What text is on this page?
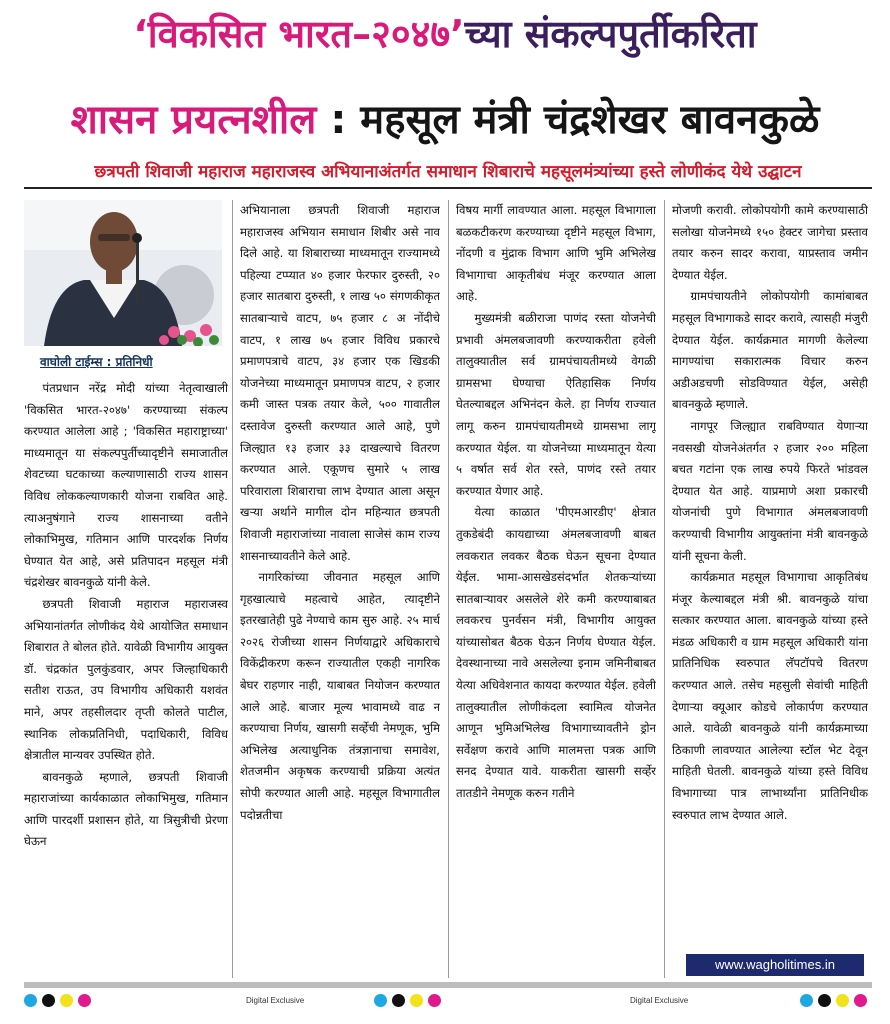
‘विकसित भारत–२०४७’च्या संकल्पपुर्तीकरिता
शासन प्रयत्नशील : महसूल मंत्री चंद्रशेखर बावनकुळे
छत्रपती शिवाजी महाराज महाराजस्व अभियानाअंतर्गत समाधान शिबाराचे महसूलमंत्र्यांच्या हस्ते लोणीकंद येथे उद्घाटन
वाघोली टाईम्स : प्रतिनिधी

पंतप्रधान नरेंद्र मोदी यांच्या नेतृत्वाखाली 'विकसित भारत-२०४७' करण्याच्या संकल्प करण्यात आलेला आहे ; 'विकसित महाराष्ट्राच्या' माध्यमातून या संकल्पपुर्तीच्यादृष्टीने समाजातील शेवटच्या घटकाच्या कल्याणासाठी राज्य शासन विविध लोककल्याणकारी योजना राबवित आहे. त्याअनुषंगाने राज्य शासनाच्या वतीने लोकाभिमुख, गतिमान आणि पारदर्शक निर्णय घेण्यात येत आहे, असे प्रतिपादन महसूल मंत्री चंद्रशेखर बावनकुळे यांनी केले.

छत्रपती शिवाजी महाराज महाराजस्व अभियानांतर्गत लोणीकंद येथे आयोजित समाधान शिबारात ते बोलत होते. यावेळी विभागीय आयुक्त डॉ. चंद्रकांत पुलकुंडवार, अपर जिल्हाधिकारी सतीश राऊत, उप विभागीय अधिकारी यशवंत माने, अपर तहसीलदार तृप्ती कोलते पाटील, स्थानिक लोकप्रतिनिधी, पदाधिकारी, विविध क्षेत्रातील मान्यवर उपस्थित होते.

बावनकुळे म्हणाले, छत्रपती शिवाजी महाराजांच्या कार्यकाळात लोकाभिमुख, गतिमान आणि पारदर्शी प्रशासन होते, या त्रिसुत्रीची प्रेरणा घेऊन

अभियानाला छत्रपती शिवाजी महाराज महाराजस्व अभियान समाधान शिबीर असे नाव दिले आहे. या शिबाराच्या माध्यमातून राज्यामध्ये पहिल्या टप्प्यात ४० हजार फेरफार दुरुस्ती, २० हजार सातबारा दुरुस्ती, १ लाख ५० संगणकीकृत सातबाऱ्याचे वाटप, ७५ हजार ८ अ नोंदीचे वाटप, १ लाख ७५ हजार विविध प्रकारचे प्रमाणपत्राचे वाटप, ३४ हजार एक खिडकी योजनेच्या माध्यमातून प्रमाणपत्र वाटप, २ हजार कमी जास्त पत्रक तयार केले, ५०० गावातील दस्तावेज दुरुस्ती करण्यात आले आहे, पुणे जिल्ह्यात १३ हजार ३३ दाखल्याचे वितरण करण्यात आले. एकूणच सुमारे ५ लाख परिवाराला शिबाराचा लाभ देण्यात आला असून खऱ्या अर्थाने मागील दोन महिन्यात छत्रपती शिवाजी महाराजांच्या नावाला साजेसं काम राज्य शासनाच्यावतीने केले आहे.

नागरिकांच्या जीवनात महसूल आणि गृहखात्याचे महत्वाचे आहेत, त्यादृष्टीने इतरखातेही पुढे नेण्याचे काम सुरु आहे. २५ मार्च २०२६ रोजीच्या शासन निर्णयाद्वारे अधिकाराचे विकेंद्रीकरण करून राज्यातील एकही नागरिक बेघर राहणार नाही, याबाबत नियोजन करण्यात आले आहे. बाजार मूल्य भावामध्ये वाढ न करण्याचा निर्णय, खासगी सर्व्हेची नेमणूक, भुमि अभिलेख अत्याधुनिक तंत्रज्ञानाचा समावेश, शेतजमीन अकृषक करण्याची प्रक्रिया अत्यंत सोपी करण्यात आली आहे. महसूल विभागातील पदोन्नतीचा

विषय मार्गी लावण्यात आला. महसूल विभागाला बळकटीकरण करण्याच्या दृष्टीने महसूल विभाग, नोंदणी व मुंद्राक विभाग आणि भुमि अभिलेख विभागाचा आकृतीबंध मंजूर करण्यात आला आहे.

मुख्यमंत्री बळीराजा पाणंद रस्ता योजनेची प्रभावी अंमलबजावणी करण्याकरीता हवेली तालुक्यातील सर्व ग्रामपंचायतीमध्ये वेगळी ग्रामसभा घेण्याचा ऐतिहासिक निर्णय घेतल्याबद्दल अभिनंदन केले. हा निर्णय राज्यात लागू करुन ग्रामपंचायतीमध्ये ग्रामसभा लागू करण्यात येईल. या योजनेच्या माध्यमातून येत्या ५ वर्षात सर्व शेत रस्ते, पाणंद रस्ते तयार करण्यात येणार आहे.

येत्या काळात 'पीएमआरडीए' क्षेत्रात तुकडेबंदी कायद्याच्या अंमलबजावणी बाबत लवकरात लवकर बैठक घेऊन सूचना देण्यात येईल. भामा-आसखेडसंदर्भात शेतकऱ्यांच्या सातबाऱ्यावर असलेले शेरे कमी करण्याबाबत लवकरच पुनर्वसन मंत्री, विभागीय आयुक्त यांच्यासोबत बैठक घेऊन निर्णय घेण्यात येईल. देवस्थानाच्या नावे असलेल्या इनाम जमिनीबाबत येत्या अधिवेशनात कायदा करण्यात येईल. हवेली तालुक्यातील लोणीकंदला स्वामित्व योजनेत आणून भुमिअभिलेख विभागाच्यावतीने ड्रोन सर्वेक्षण करावे आणि मालमत्ता पत्रक आणि सनद देण्यात यावे. याकरीता खासगी सर्व्हेर तातडीने नेमणूक करुन गतीने

मोजणी करावी. लोकोपयोगी कामे करण्यासाठी सलोखा योजनेमध्ये १५० हेक्टर जागेचा प्रस्ताव तयार करुन सादर करावा, याप्रस्ताव जमीन देण्यात येईल.

ग्रामपंचायतीने लोकोपयोगी कामांबाबत महसूल विभागाकडे सादर करावे, त्यासही मंजुरी देण्यात येईल. कार्यक्रमात मागणी केलेल्या मागण्यांचा सकारात्मक विचार करुन अडीअडचणी सोडविण्यात येईल, असेही बावनकुळे म्हणाले.

नागपूर जिल्ह्यात राबविण्यात येणाऱ्या नवसखी योजनेअंतर्गत २ हजार २०० महिला बचत गटांना एक लाख रुपये फिरते भांडवल देण्यात येत आहे. याप्रमाणे अशा प्रकारची योजनांची पुणे विभागात अंमलबजावणी करण्याची विभागीय आयुक्तांना मंत्री बावनकुळे यांनी सूचना केली.

कार्यक्रमात महसूल विभागाचा आकृतिबंध मंजूर केल्याबद्दल मंत्री श्री. बावनकुळे यांचा सत्कार करण्यात आला. बावनकुळे यांच्या हस्ते मंडळ अधिकारी व ग्राम महसूल अधिकारी यांना प्रातिनिधिक स्वरुपात लॅपटॉपचे वितरण करण्यात आले. तसेच महसुली सेवांची माहिती देणाऱ्या क्यूआर कोडचे लोकार्पण करण्यात आले. यावेळी बावनकुळे यांनी कार्यक्रमाच्या ठिकाणी लावण्यात आलेल्या स्टॉल भेट देवून माहिती घेतली. बावनकुळे यांच्या हस्ते विविध विभागाच्या पात्र लाभार्थ्यांना प्रातिनिधीक स्वरुपात लाभ देण्यात आले.

www.wagholitimes.in
Digital Exclusive	Digital Exclusive
